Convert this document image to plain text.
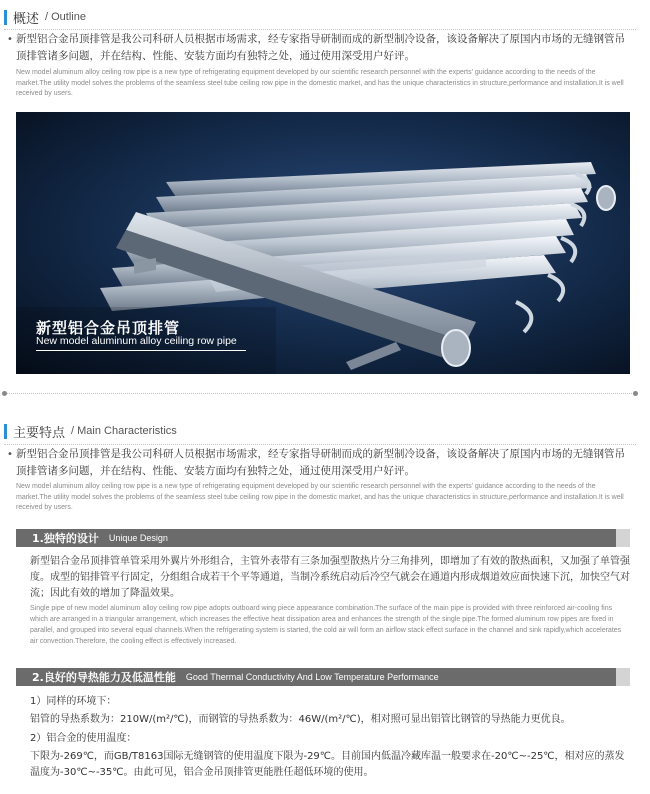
概述 / Outline
• 新型铝合金吊顶排管是我公司科研人员根据市场需求，经专家指导研制而成的新型制冷设备，该设备解决了原国内市场的无缝钢管吊顶排管诸多问题，并在结构、性能、安装方面均有独特之处，通过使用深受用户好评。
New model aluminum alloy ceiling row pipe is a new type of refrigerating equipment developed by our scientific research personnel with the experts' guidance according to the needs of the market.The utility model solves the problems of the seamless steel tube ceiling row pipe in the domestic market, and has the unique characteristics in structure,performance and installation.It is well received by users.
新型铝合金吊顶排管
New model aluminum alloy ceiling row pipe
主要特点 / Main Characteristics
• 新型铝合金吊顶排管是我公司科研人员根据市场需求，经专家指导研制而成的新型制冷设备，该设备解决了原国内市场的无缝钢管吊顶排管诸多问题，并在结构、性能、安装方面均有独特之处，通过使用深受用户好评。
New model aluminum alloy ceiling row pipe is a new type of refrigerating equipment developed by our scientific research personnel with the experts' guidance according to the needs of the market.The utility model solves the problems of the seamless steel tube ceiling row pipe in the domestic market, and has the unique characteristics in structure,performance and installation.It is well received by users.
1.独特的设计 Unique Design
新型铝合金吊顶排管单管采用外翼片外形组合，主管外表带有三条加强型散热片分三角排列，即增加了有效的散热面积，又加强了单管强度。成型的铝排管平行固定，分组组合成若干个平等通道，当制冷系统启动后冷空气就会在通道内形成烟道效应面快速下沉，加快空气对流；因此有效的增加了降温效果。
Single pipe of new model aluminum alloy ceiling row pipe adopts outboard wing piece appearance combination.The surface of the main pipe is provided with three reinforced air-cooling fins which are arranged in a triangular arrangement, which increases the effective heat dissipation area and enhances the strength of the single pipe.The formed aluminum row pipes are fixed in parallel, and grouped into several equal channels.When the refrigerating system is started, the cold air will form an airflow stack effect surface in the channel and sink rapidly,which accelerates air convection.Therefore, the cooling effect is effectively increased.
2.良好的导热能力及低温性能 Good Thermal Conductivity And Low Temperature Performance
1）同样的环境下：
铝管的导热系数为：210W/(m²/℃)，而钢管的导热系数为：46W/(m²/℃)，相对照可显出铝管比钢管的导热能力更优良。
2）铝合金的使用温度：
下限为-269℃，而GB/T8163国际无缝钢管的使用温度下限为-29℃。目前国内低温冷藏库温一般要求在-20℃~-25℃，相对应的蒸发温度为-30℃~-35℃。由此可见，铝合金吊顶排管更能胜任超低环境的使用。
